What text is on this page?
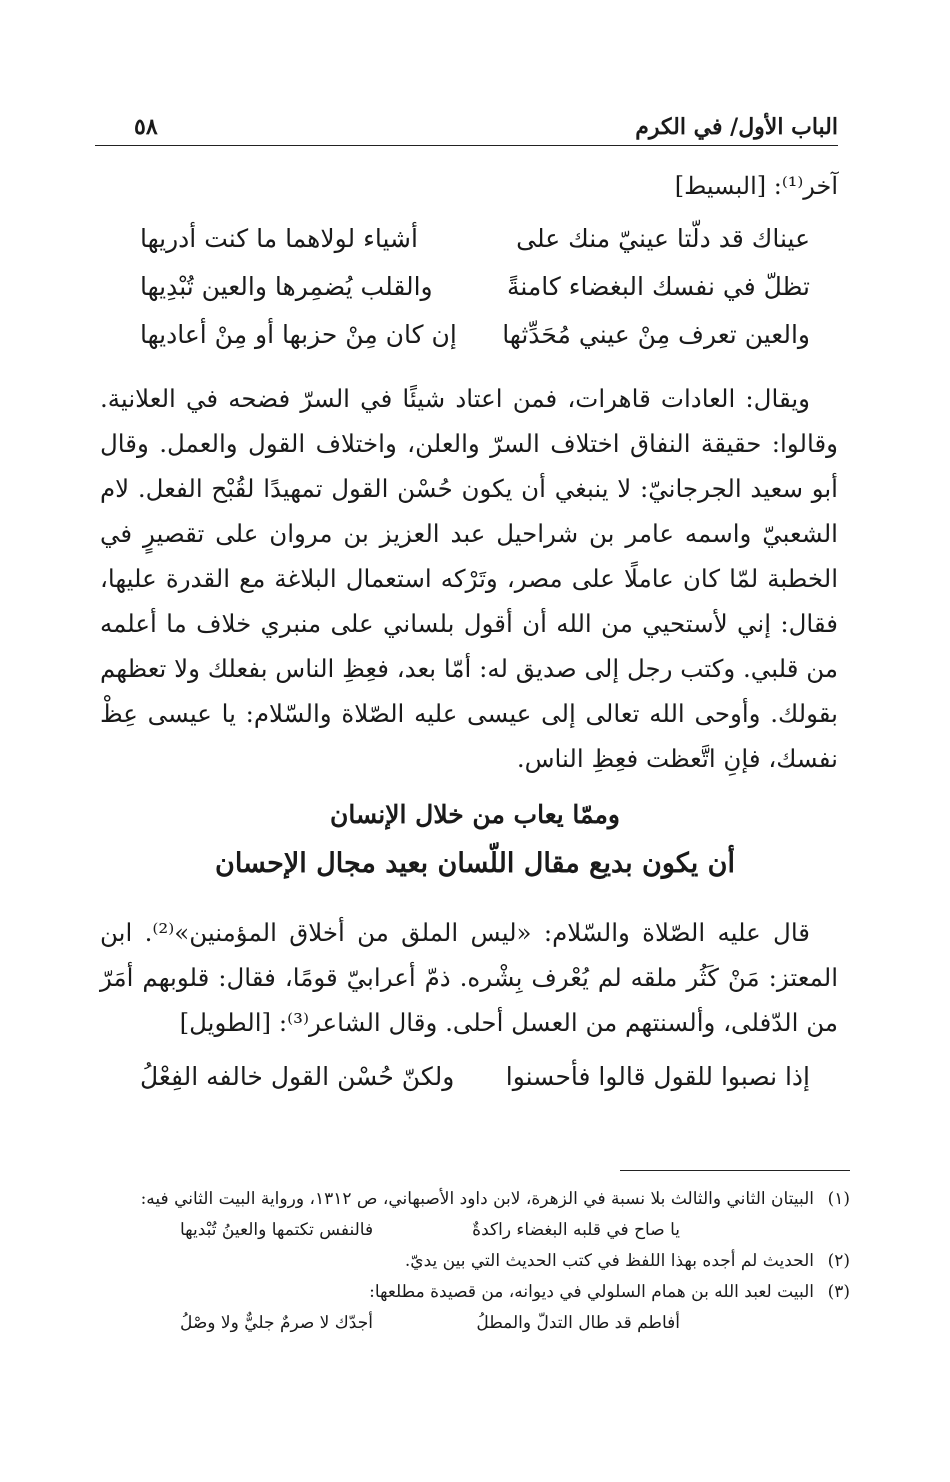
الباب الأول/ في الكرم
٥٨
آخر⁽¹⁾: [البسيط]
عيناك قد دلّتا عينيّ منك على
أشياء لولاهما ما كنت أدريها
تظلّ في نفسك البغضاء كامنةً
والقلب يُضمِرها والعين تُبْدِيها
والعين تعرف مِنْ عيني مُحَدِّثها
إن كان مِنْ حزبها أو مِنْ أعاديها

ويقال: العادات قاهرات، فمن اعتاد شيئًا في السرّ فضحه في العلانية. وقالوا: حقيقة النفاق اختلاف السرّ والعلن، واختلاف القول والعمل. وقال أبو سعيد الجرجانيّ: لا ينبغي أن يكون حُسْن القول تمهيدًا لقُبْح الفعل. لام الشعبيّ واسمه عامر بن شراحيل عبد العزيز بن مروان على تقصيرٍ في الخطبة لمّا كان عاملًا على مصر، وتَرْكه استعمال البلاغة مع القدرة عليها، فقال: إني لأستحيي من الله أن أقول بلساني على منبري خلاف ما أعلمه من قلبي. وكتب رجل إلى صديق له: أمّا بعد، فعِظِ الناس بفعلك ولا تعظهم بقولك. وأوحى الله تعالى إلى عيسى عليه الصّلاة والسّلام: يا عيسى عِظْ نفسك، فإنِ اتَّعظت فعِظِ الناس.

وممّا يعاب من خلال الإنسان
أن يكون بديع مقال اللّسان بعيد مجال الإحسان

قال عليه الصّلاة والسّلام: «ليس الملق من أخلاق المؤمنين»⁽²⁾. ابن المعتز: مَنْ كَثُر ملقه لم يُعْرف بِشْره. ذمّ أعرابيّ قومًا، فقال: قلوبهم أمَرّ من الدّفلى، وألسنتهم من العسل أحلى. وقال الشاعر⁽³⁾: [الطويل]

إذا نصبوا للقول قالوا فأحسنوا
ولكنّ حُسْن القول خالفه الفِعْلُ
(١)
البيتان الثاني والثالث بلا نسبة في الزهرة، لابن داود الأصبهاني، ص ١٣١٢، ورواية البيت الثاني فيه:
يا صاح في قلبه البغضاء راكدةٌ
فالنفس تكتمها والعينُ تُبْديها
(٢)
الحديث لم أجده بهذا اللفظ في كتب الحديث التي بين يديّ.
(٣)
البيت لعبد الله بن همام السلولي في ديوانه، من قصيدة مطلعها:
أفاطم قد طال التدلّ والمطلُ
أجدّك لا صرمٌ جليٌّ ولا وصْلُ
